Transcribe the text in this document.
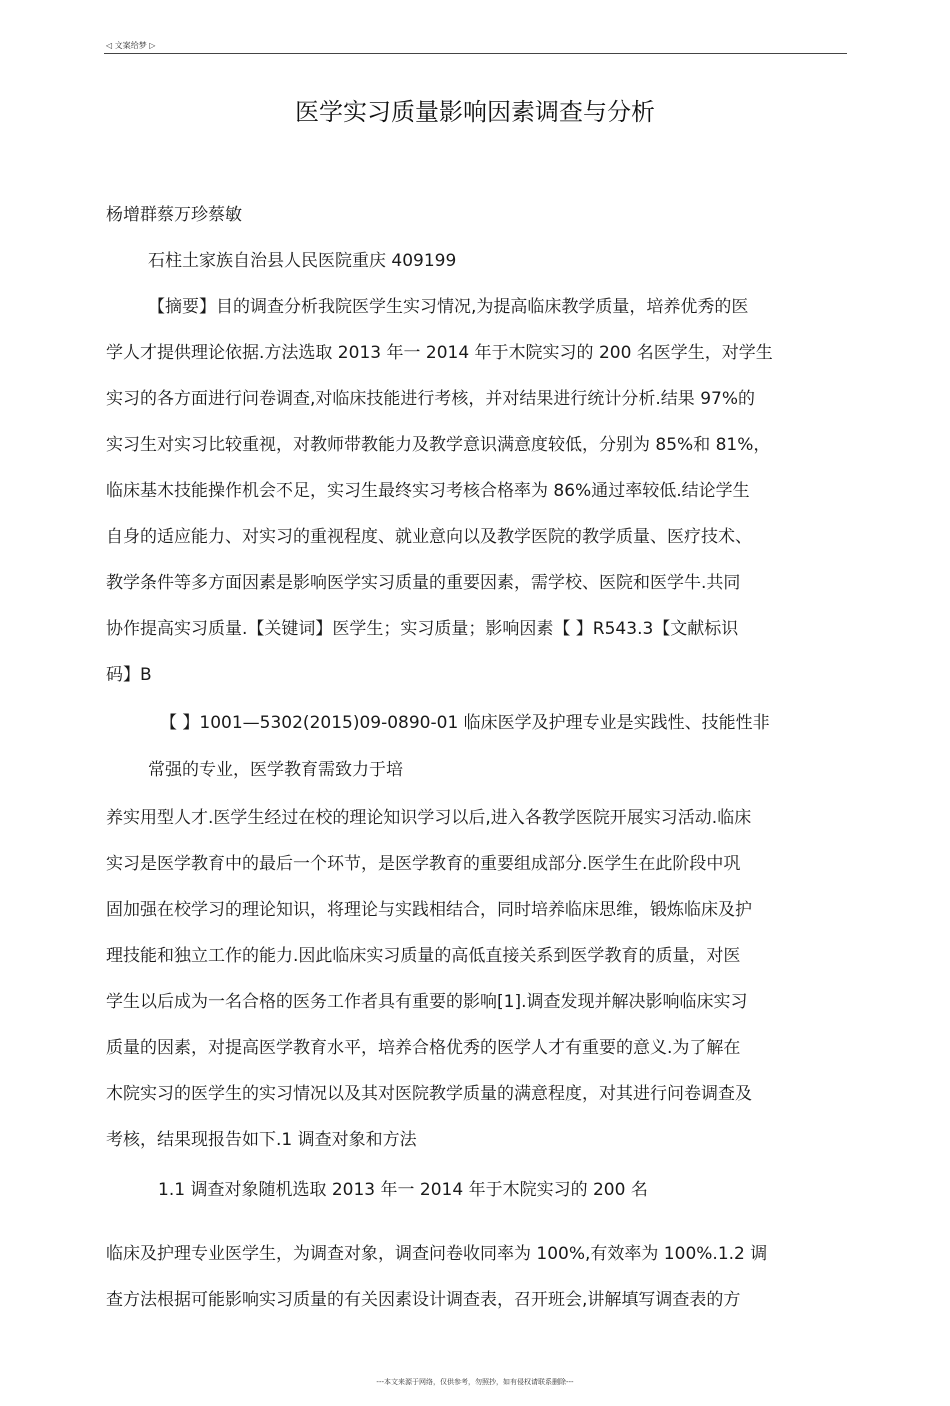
◁ 文案给梦 ▷
医学实习质量影响因素调查与分析
杨增群蔡万珍蔡敏
石柱土家族自治县人民医院重庆 409199
【摘要】目的调查分析我院医学生实习情况,为提高临床教学质量，培养优秀的医
学人才提供理论依据.方法选取 2013 年一 2014 年于木院实习的 200 名医学生，对学生
实习的各方面进行问卷调查,对临床技能进行考核，并对结果进行统计分析.结果 97%的
实习生对实习比较重视，对教师带教能力及教学意识满意度较低，分别为 85%和 81%，
临床基木技能操作机会不足，实习生最终实习考核合格率为 86%通过率较低.结论学生
自身的适应能力、对实习的重视程度、就业意向以及教学医院的教学质量、医疗技术、
教学条件等多方面因素是影响医学实习质量的重要因素，需学校、医院和医学牛.共同
协作提高实习质量.【关键词】医学生；实习质量；影响因素【 】R543.3【文献标识
码】B
【 】1001—5302(2015)09-0890-01 临床医学及护理专业是实践性、技能性非
常强的专业，医学教育需致力于培
养实用型人才.医学生经过在校的理论知识学习以后,进入各教学医院开展实习活动.临床
实习是医学教育中的最后一个环节，是医学教育的重要组成部分.医学生在此阶段中巩
固加强在校学习的理论知识，将理论与实践相结合，同时培养临床思维，锻炼临床及护
理技能和独立工作的能力.因此临床实习质量的高低直接关系到医学教育的质量，对医
学生以后成为一名合格的医务工作者具有重要的影响[1].调查发现并解决影响临床实习
质量的因素，对提高医学教育水平，培养合格优秀的医学人才有重要的意义.为了解在
木院实习的医学生的实习情况以及其对医院教学质量的满意程度，对其进行问卷调查及
考核，结果现报告如下.1 调查对象和方法
1.1 调查对象随机选取 2013 年一 2014 年于木院实习的 200 名
临床及护理专业医学生，为调查对象，调查问卷收同率为 100%,有效率为 100%.1.2 调
查方法根据可能影响实习质量的有关因素设计调查表，召开班会,讲解填写调查表的方
---本文来源于网络，仅供参考，勿照抄，如有侵权请联系删除---
